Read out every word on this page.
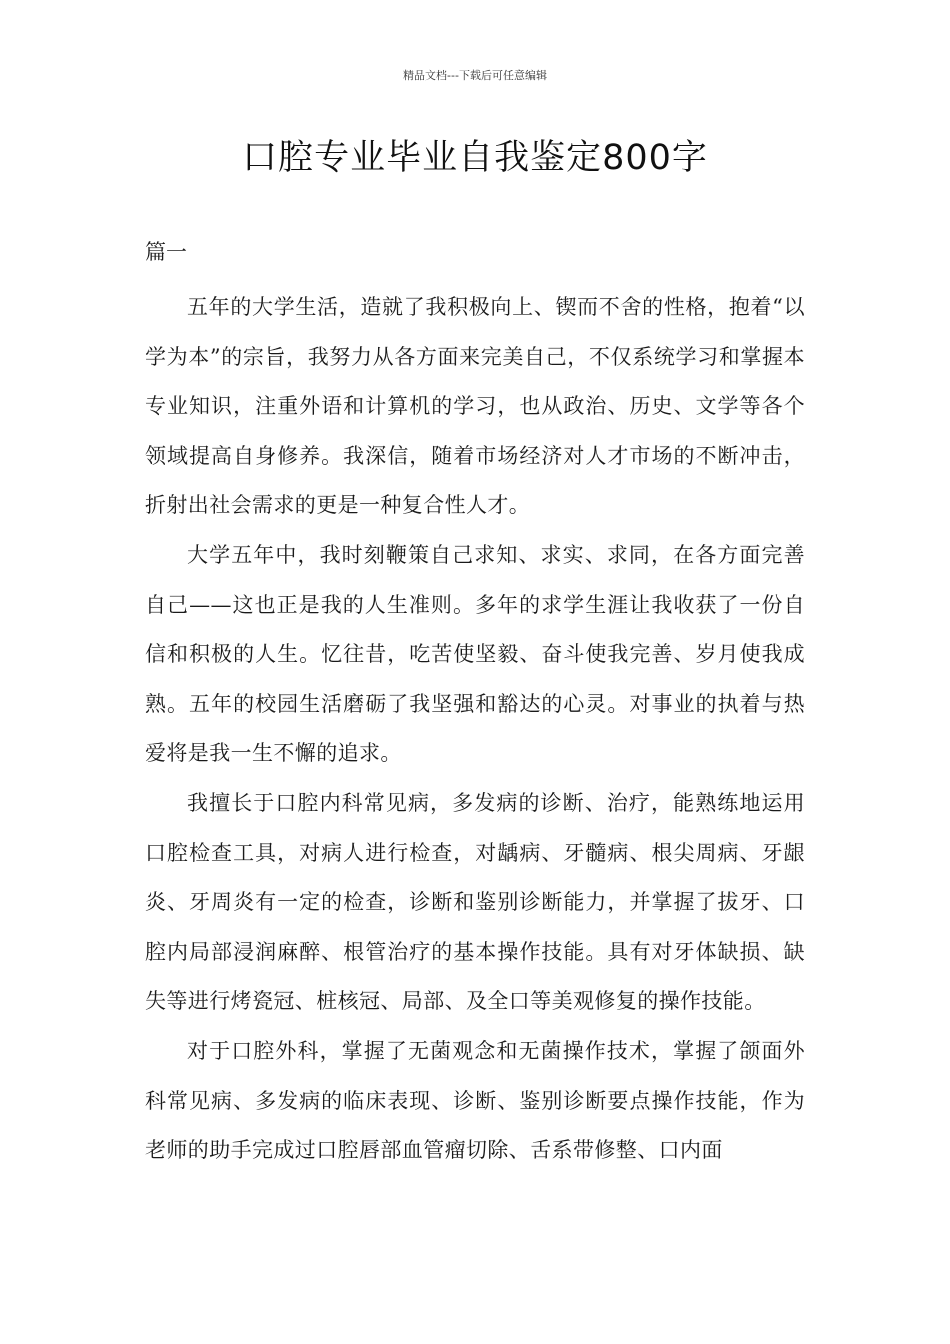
精品文档---下载后可任意编辑
口腔专业毕业自我鉴定800字

篇一

五年的大学生活，造就了我积极向上、锲而不舍的性格，抱着“以学为本”的宗旨，我努力从各方面来完美自己，不仅系统学习和掌握本专业知识，注重外语和计算机的学习，也从政治、历史、文学等各个领域提高自身修养。我深信，随着市场经济对人才市场的不断冲击，折射出社会需求的更是一种复合性人才。

大学五年中，我时刻鞭策自己求知、求实、求同，在各方面完善自己——这也正是我的人生准则。多年的求学生涯让我收获了一份自信和积极的人生。忆往昔，吃苦使坚毅、奋斗使我完善、岁月使我成熟。五年的校园生活磨砺了我坚强和豁达的心灵。对事业的执着与热爱将是我一生不懈的追求。

我擅长于口腔内科常见病，多发病的诊断、治疗，能熟练地运用口腔检查工具，对病人进行检查，对龋病、牙髓病、根尖周病、牙龈炎、牙周炎有一定的检查，诊断和鉴别诊断能力，并掌握了拔牙、口腔内局部浸润麻醉、根管治疗的基本操作技能。具有对牙体缺损、缺失等进行烤瓷冠、桩核冠、局部、及全口等美观修复的操作技能。

对于口腔外科，掌握了无菌观念和无菌操作技术，掌握了颌面外科常见病、多发病的临床表现、诊断、鉴别诊断要点操作技能，作为老师的助手完成过口腔唇部血管瘤切除、舌系带修整、口内面
